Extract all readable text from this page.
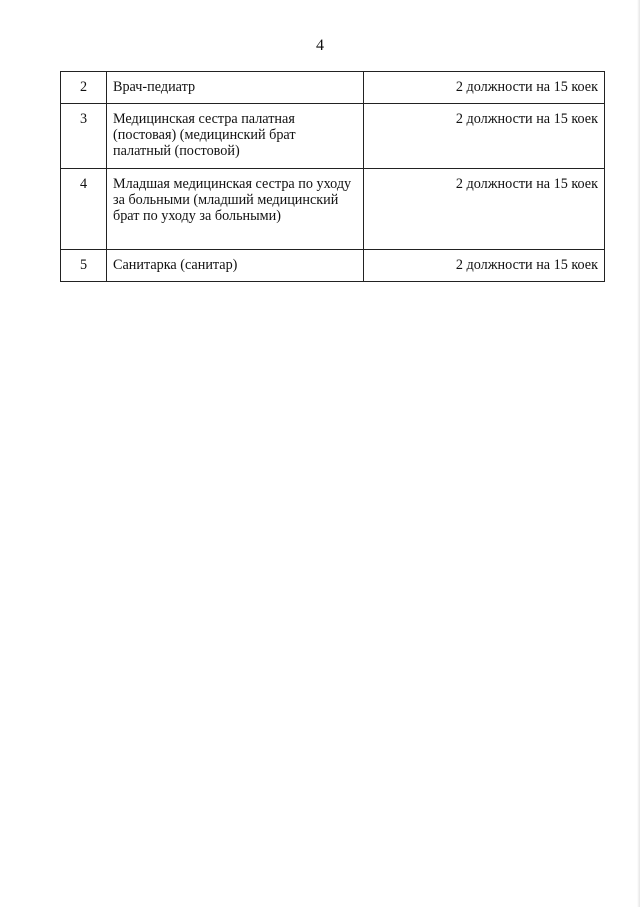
4
2	Врач-педиатр	2 должности на 15 коек
3	Медицинская сестра палатная (постовая) (медицинский брат палатный (постовой)	2 должности на 15 коек
4	Младшая медицинская сестра по уходу за больными (младший медицинский брат по уходу за больными)	2 должности на 15 коек
5	Санитарка (санитар)	2 должности на 15 коек
